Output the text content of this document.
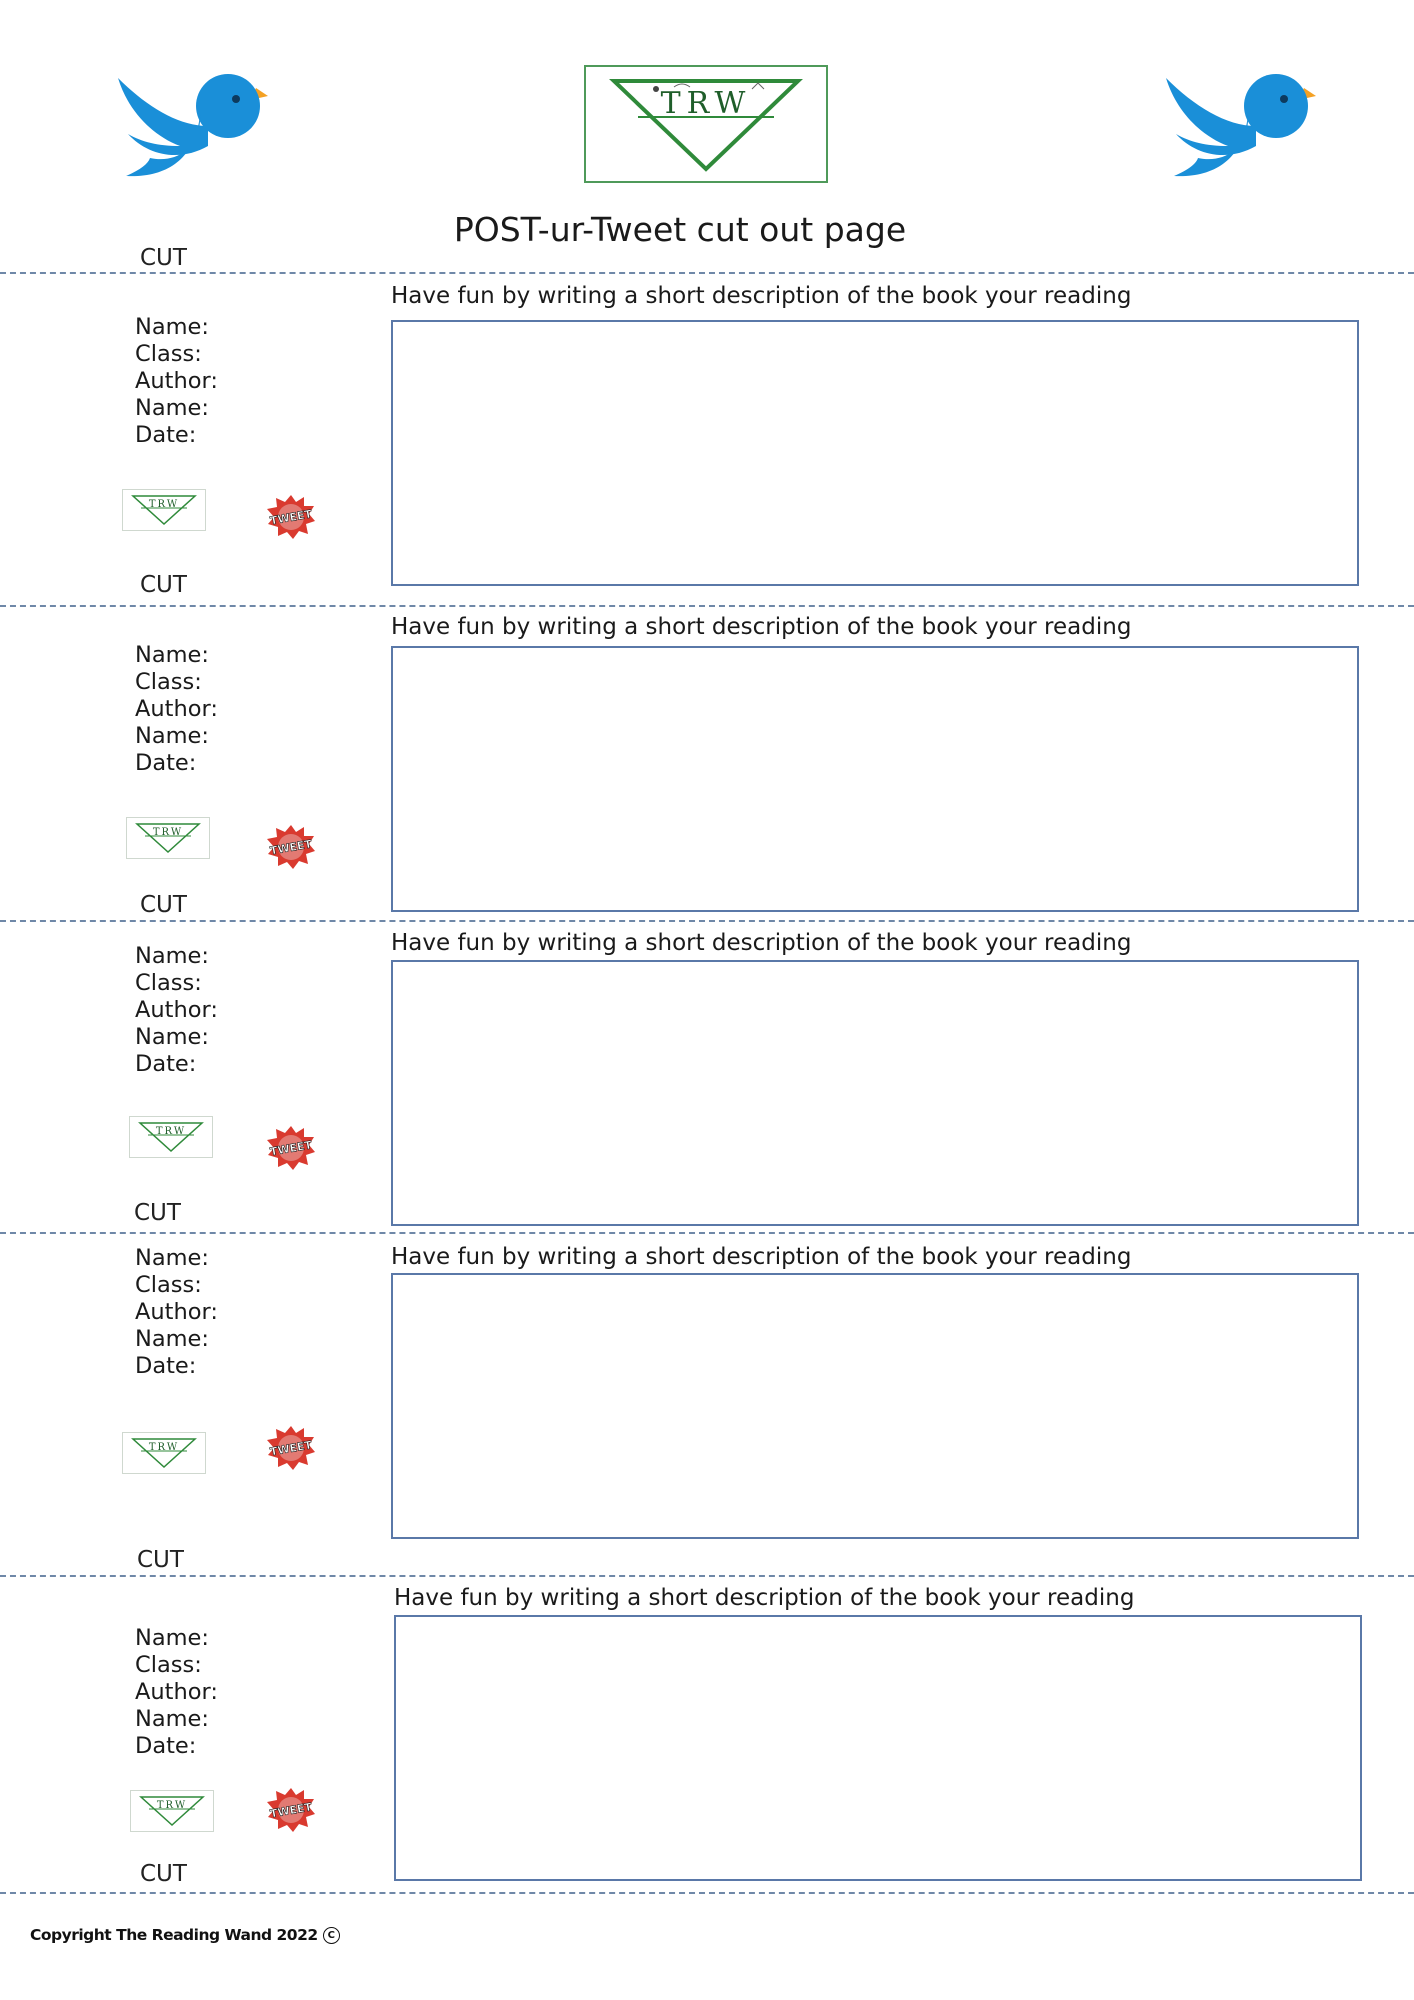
TRW
POST-ur-Tweet cut out page
CUT
Have fun by writing a short description of the book your reading
Name:
Class:
Author:
Name:
Date:
TRW
TWEET
CUT
Have fun by writing a short description of the book your reading
Name:
Class:
Author:
Name:
Date:
TRW
TWEET
CUT
Have fun by writing a short description of the book your reading
Name:
Class:
Author:
Name:
Date:
TRW
TWEET
CUT
Have fun by writing a short description of the book your reading
Name:
Class:
Author:
Name:
Date:
TRW	TWEET
CUT
Have fun by writing a short description of the book your reading
Name:
Class:
Author:
Name:
Date:
TRW	TWEET
CUT
Copyright The Reading Wand 2022 C
